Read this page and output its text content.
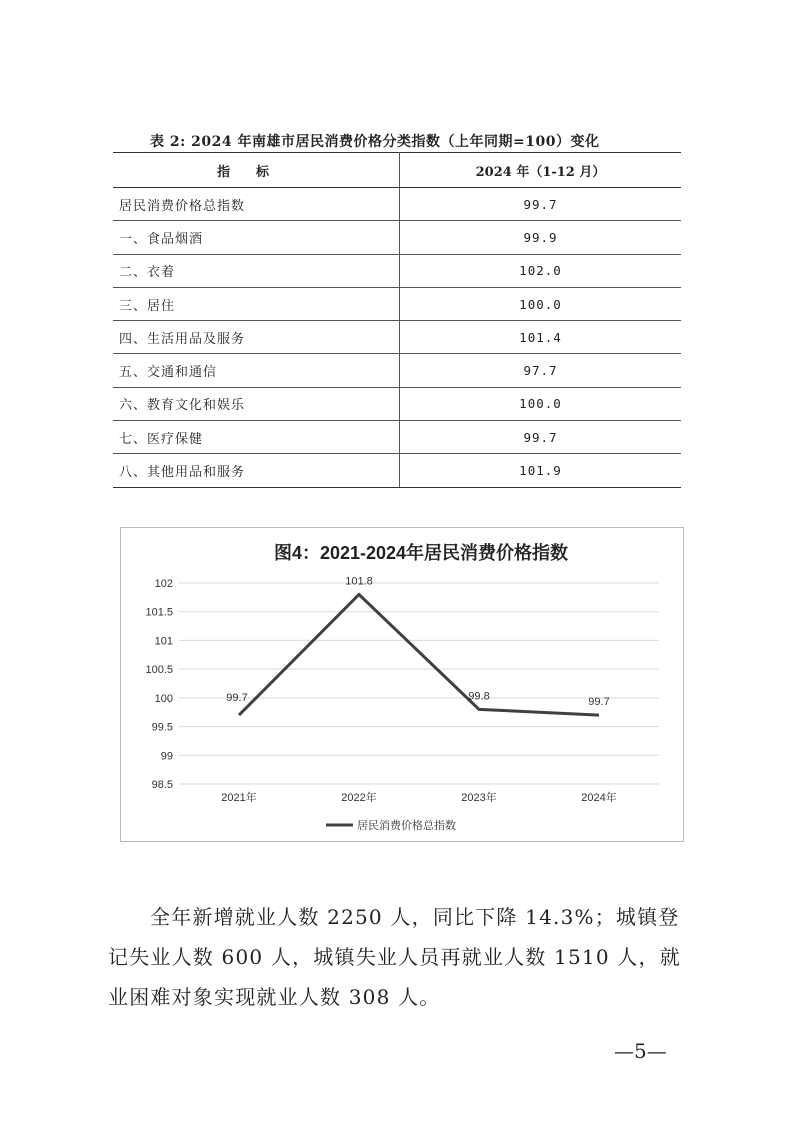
表 2: 2024 年南雄市居民消费价格分类指数（上年同期=100）变化
指标	2024 年（1-12 月）
居民消费价格总指数	99.7
一、食品烟酒	99.9
二、衣着	102.0
三、居住	100.0
四、生活用品及服务	101.4
五、交通和通信	97.7
六、教育文化和娱乐	100.0
七、医疗保健	99.7
八、其他用品和服务	101.9
图4：2021-2024年居民消费价格指数
102
101.5
101
100.5
100
99.5
99
98.5
2021年	2022年	2023年	2024年
99.7
101.8
99.8	99.7
居民消费价格总指数
全年新增就业人数 2250 人，同比下降 14.3%；城镇登记失业人数 600 人，城镇失业人员再就业人数 1510 人，就业困难对象实现就业人数 308 人。
—5—
